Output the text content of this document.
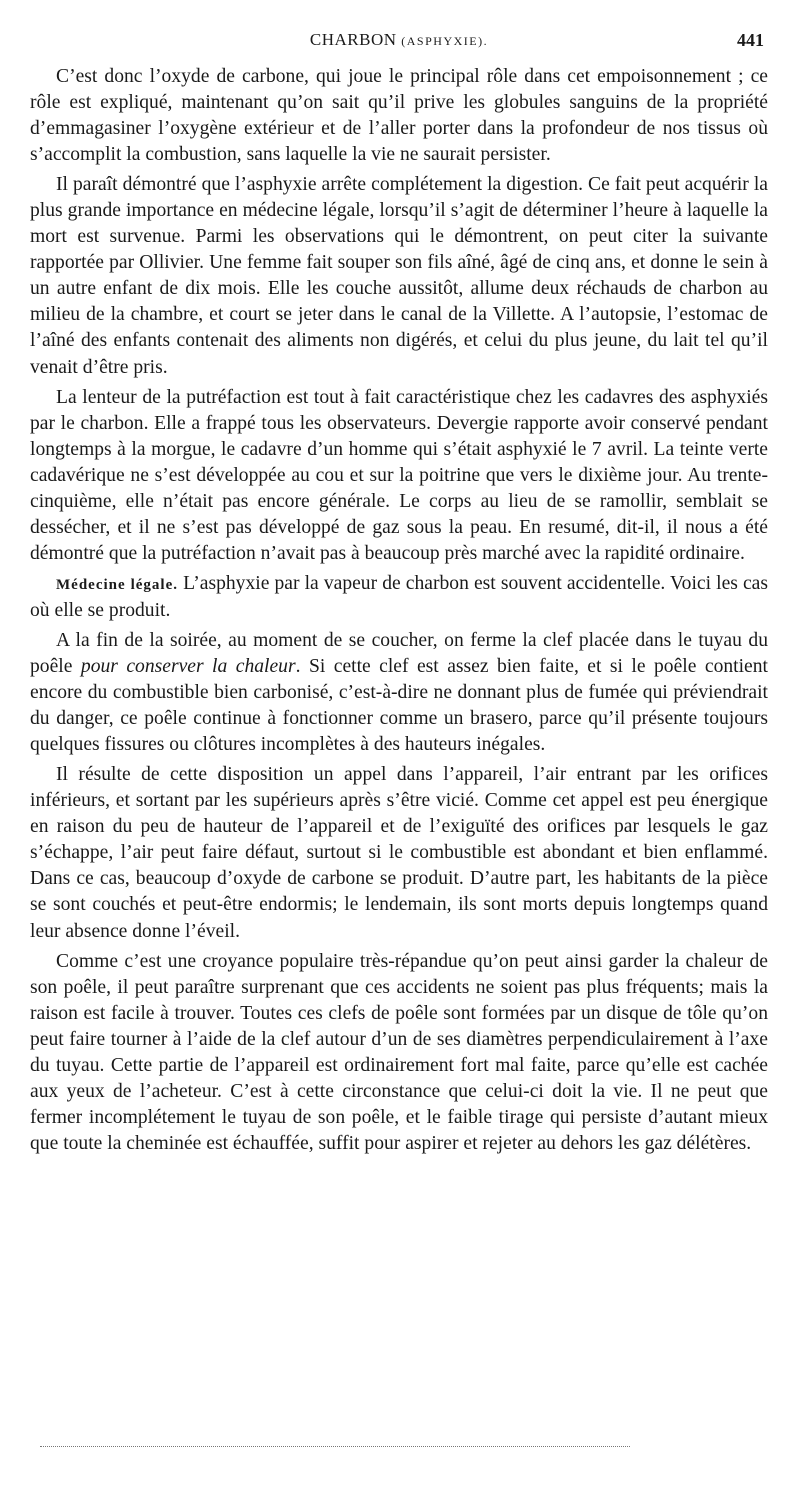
CHARBON (ASPHYXIE).	441

C’est donc l’oxyde de carbone, qui joue le principal rôle dans cet empoisonnement ; ce rôle est expliqué, maintenant qu’on sait qu’il prive les globules sanguins de la propriété d’emmagasiner l’oxygène extérieur et de l’aller porter dans la profondeur de nos tissus où s’accomplit la combustion, sans laquelle la vie ne saurait persister.

Il paraît démontré que l’asphyxie arrête complétement la digestion. Ce fait peut acquérir la plus grande importance en médecine légale, lorsqu’il s’agit de déterminer l’heure à laquelle la mort est survenue. Parmi les observations qui le démontrent, on peut citer la suivante rapportée par Ollivier. Une femme fait souper son fils aîné, âgé de cinq ans, et donne le sein à un autre enfant de dix mois. Elle les couche aussitôt, allume deux réchauds de charbon au milieu de la chambre, et court se jeter dans le canal de la Villette. A l’autopsie, l’estomac de l’aîné des enfants contenait des aliments non digérés, et celui du plus jeune, du lait tel qu’il venait d’être pris.

La lenteur de la putréfaction est tout à fait caractéristique chez les cadavres des asphyxiés par le charbon. Elle a frappé tous les observateurs. Devergie rapporte avoir conservé pendant longtemps à la morgue, le cadavre d’un homme qui s’était asphyxié le 7 avril. La teinte verte cadavérique ne s’est développée au cou et sur la poitrine que vers le dixième jour. Au trente-cinquième, elle n’était pas encore générale. Le corps au lieu de se ramollir, semblait se dessécher, et il ne s’est pas développé de gaz sous la peau. En resumé, dit-il, il nous a été démontré que la putréfaction n’avait pas à beaucoup près marché avec la rapidité ordinaire.

Médecine légale. L’asphyxie par la vapeur de charbon est souvent accidentelle. Voici les cas où elle se produit.

A la fin de la soirée, au moment de se coucher, on ferme la clef placée dans le tuyau du poêle pour conserver la chaleur. Si cette clef est assez bien faite, et si le poêle contient encore du combustible bien carbonisé, c’est-à-dire ne donnant plus de fumée qui préviendrait du danger, ce poêle continue à fonctionner comme un brasero, parce qu’il présente toujours quelques fissures ou clôtures incomplètes à des hauteurs inégales.

Il résulte de cette disposition un appel dans l’appareil, l’air entrant par les orifices inférieurs, et sortant par les supérieurs après s’être vicié. Comme cet appel est peu énergique en raison du peu de hauteur de l’appareil et de l’exiguïté des orifices par lesquels le gaz s’échappe, l’air peut faire défaut, surtout si le combustible est abondant et bien enflammé. Dans ce cas, beaucoup d’oxyde de carbone se produit. D’autre part, les habitants de la pièce se sont couchés et peut-être endormis; le lendemain, ils sont morts depuis longtemps quand leur absence donne l’éveil.

Comme c’est une croyance populaire très-répandue qu’on peut ainsi garder la chaleur de son poêle, il peut paraître surprenant que ces accidents ne soient pas plus fréquents; mais la raison est facile à trouver. Toutes ces clefs de poêle sont formées par un disque de tôle qu’on peut faire tourner à l’aide de la clef autour d’un de ses diamètres perpendiculairement à l’axe du tuyau. Cette partie de l’appareil est ordinairement fort mal faite, parce qu’elle est cachée aux yeux de l’acheteur. C’est à cette circonstance que celui-ci doit la vie. Il ne peut que fermer incomplétement le tuyau de son poêle, et le faible tirage qui persiste d’autant mieux que toute la cheminée est échauffée, suffit pour aspirer et rejeter au dehors les gaz délétères.
